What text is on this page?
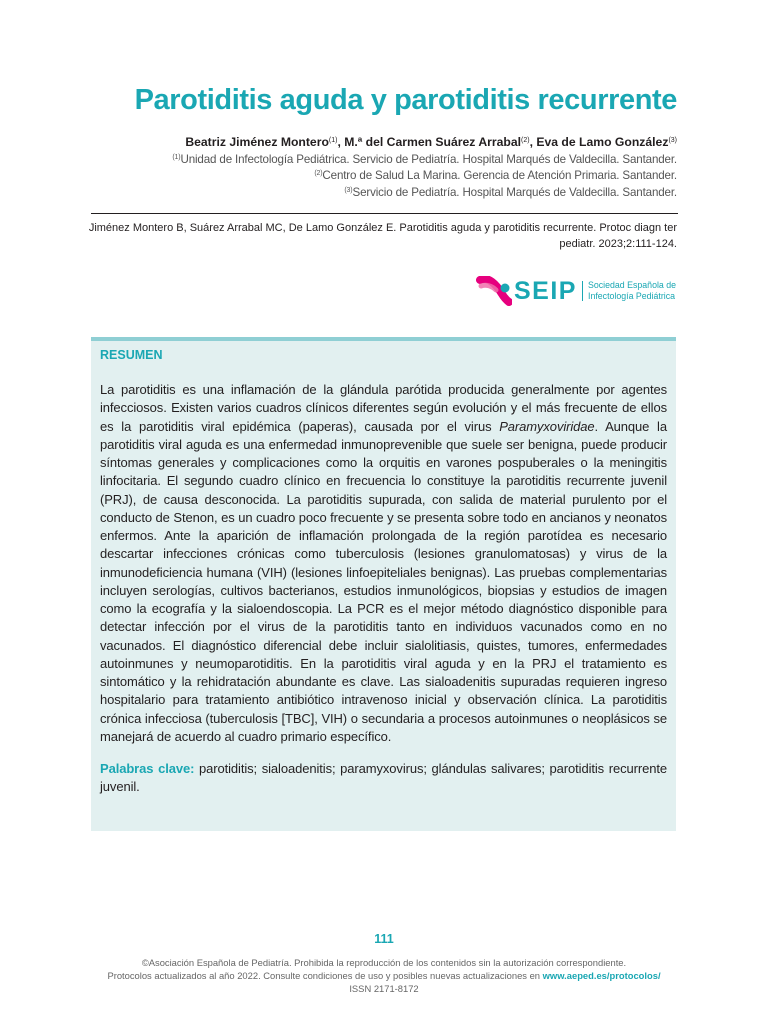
Parotiditis aguda y parotiditis recurrente
Beatriz Jiménez Montero$^{(1)}$, M.ª del Carmen Suárez Arrabal$^{(2)}$, Eva de Lamo González$^{(3)}$
$^{(1)}$Unidad de Infectología Pediátrica. Servicio de Pediatría. Hospital Marqués de Valdecilla. Santander.
$^{(2)}$Centro de Salud La Marina. Gerencia de Atención Primaria. Santander.
$^{(3)}$Servicio de Pediatría. Hospital Marqués de Valdecilla. Santander.
Jiménez Montero B, Suárez Arrabal MC, De Lamo González E. Parotiditis aguda y parotiditis recurrente. Protoc diagn ter pediatr. 2023;2:111-124.
SEIP Sociedad Española de
Infectología Pediátrica
RESUMEN

La parotiditis es una inflamación de la glándula parótida producida generalmente por agentes infecciosos. Existen varios cuadros clínicos diferentes según evolución y el más frecuente de ellos es la parotiditis viral epidémica (paperas), causada por el virus Paramyxoviridae. Aunque la parotiditis viral aguda es una enfermedad inmunoprevenible que suele ser benigna, puede producir síntomas generales y complicaciones como la orquitis en varones pospuberales o la meningitis linfocitaria. El segundo cuadro clínico en frecuencia lo constituye la parotiditis recurrente juvenil (PRJ), de causa desconocida. La parotiditis supurada, con salida de material purulento por el conducto de Stenon, es un cuadro poco frecuente y se presenta sobre todo en ancianos y neonatos enfermos. Ante la aparición de inflamación prolongada de la región parotídea es necesario descartar infecciones crónicas como tuberculosis (lesiones granulomatosas) y virus de la inmunodeficiencia humana (VIH) (lesiones linfoepiteliales benignas). Las pruebas complementarias incluyen serologías, cultivos bacterianos, estudios inmunológicos, biopsias y estudios de imagen como la ecografía y la sialoendoscopia. La PCR es el mejor método diagnóstico disponible para detectar infección por el virus de la parotiditis tanto en individuos vacunados como en no vacunados. El diagnóstico diferencial debe incluir sialolitiasis, quistes, tumores, enfermedades autoinmunes y neumoparotiditis. En la parotiditis viral aguda y en la PRJ el tratamiento es sintomático y la rehidratación abundante es clave. Las sialoadenitis supuradas requieren ingreso hospitalario para tratamiento antibiótico intravenoso inicial y observación clínica. La parotiditis crónica infecciosa (tuberculosis [TBC], VIH) o secundaria a procesos autoinmunes o neoplásicos se manejará de acuerdo al cuadro primario específico.

Palabras clave: parotiditis; sialoadenitis; paramyxovirus; glándulas salivares; parotiditis recurrente juvenil.

111
©Asociación Española de Pediatría. Prohibida la reproducción de los contenidos sin la autorización correspondiente.
Protocolos actualizados al año 2022. Consulte condiciones de uso y posibles nuevas actualizaciones en www.aeped.es/protocolos/
ISSN 2171-8172
